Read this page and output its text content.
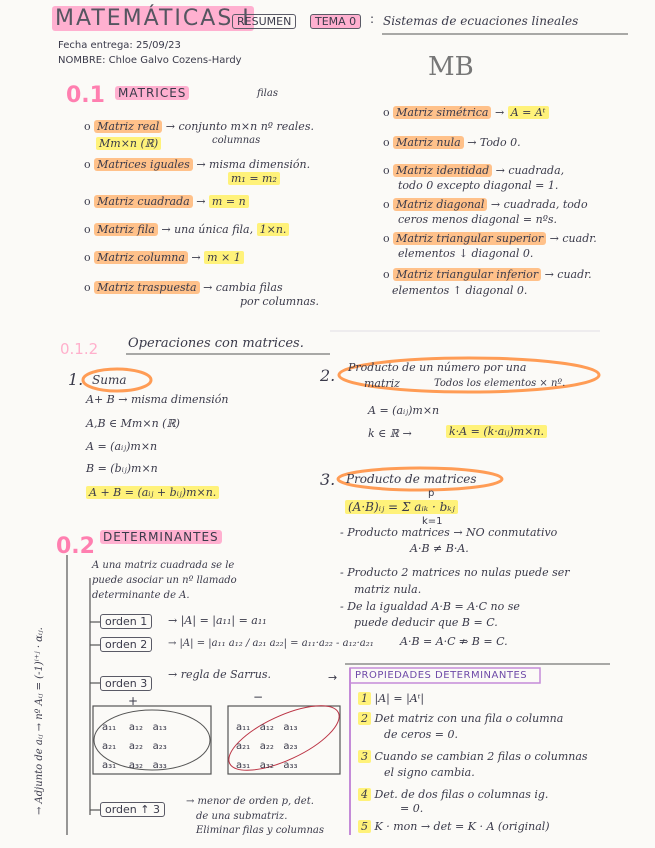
MATEMÁTICAS I
RESUMEN	TEMA 0	: Sistemas de ecuaciones lineales
Fecha entrega: 25/09/23
NOMBRE: Chloe Galvo Cozens-Hardy	MB
0.1 MATRICES	filas
columnas
o Matriz real → conjunto m×n nº reales.
Mm×n (ℝ)
o Matrices iguales → misma dimensión.
m₁ = m₂
o Matriz cuadrada → m = n
o Matriz fila → una única fila, 1×n.
o Matriz columna → m × 1
o Matriz traspuesta → cambia filas
por columnas.
o Matriz simétrica → A = Aᵗ
o Matriz nula → Todo 0.
o Matriz identidad → cuadrada,
todo 0 excepto diagonal = 1.
o Matriz diagonal → cuadrada, todo
ceros menos diagonal = nºs.
o Matriz triangular superior → cuadr.
elementos ↓ diagonal 0.
o Matriz triangular inferior → cuadr.
elementos ↑ diagonal 0.
0.1.2 Operaciones con matrices.
1. Suma
A+ B → misma dimensión
A,B ∈ Mm×n (ℝ)
A = (aᵢⱼ)m×n
B = (bᵢⱼ)m×n
A + B = (aᵢⱼ + bᵢⱼ)m×n.
2. Producto de un número por una
matriz	Todos los elementos × nº.
A = (aᵢⱼ)m×n
k ∈ ℝ →	k·A = (k·aᵢⱼ)m×n.
3. Producto de matrices
p
(A·B)ᵢⱼ = Σ aᵢₖ · bₖⱼ
k=1
- Producto matrices → NO conmutativo
A·B ≠ B·A.
- Producto 2 matrices no nulas puede ser
matriz nula.
- De la igualdad A·B = A·C no se
puede deducir que B = C.
A·B = A·C ⇏ B = C.
0.2 DETERMINANTES
→ Adjunto de aᵢⱼ → nº Aᵢⱼ = (-1)ⁱ⁺ʲ · αᵢⱼ.
A una matriz cuadrada se le
puede asociar un nº llamado
determinante de A.
orden 1	→ |A| = |a₁₁| = a₁₁
orden 2	→ |A| = |a₁₁ a₁₂ / a₂₁ a₂₂| = a₁₁·a₂₂ - a₁₂·a₂₁
orden 3
→ regla de Sarrus.
+	−
a₁₁ a₁₂ a₁₃
a₂₁ a₂₂ a₂₃
a₃₁ a₃₂ a₃₃
a₁₁ a₁₂ a₁₃
a₂₁ a₂₂ a₂₃
a₃₁ a₃₂ a₃₃
orden ↑ 3
→ menor de orden p, det.
de una submatriz.
Eliminar filas y columnas
→ PROPIEDADES DETERMINANTES
1 |A| = |Aᵗ|
2 Det matriz con una fila o columna
de ceros = 0.
3 Cuando se cambian 2 filas o columnas
el signo cambia.
4 Det. de dos filas o columnas ig.
= 0.
5 K · mon → det = K · A (original)
